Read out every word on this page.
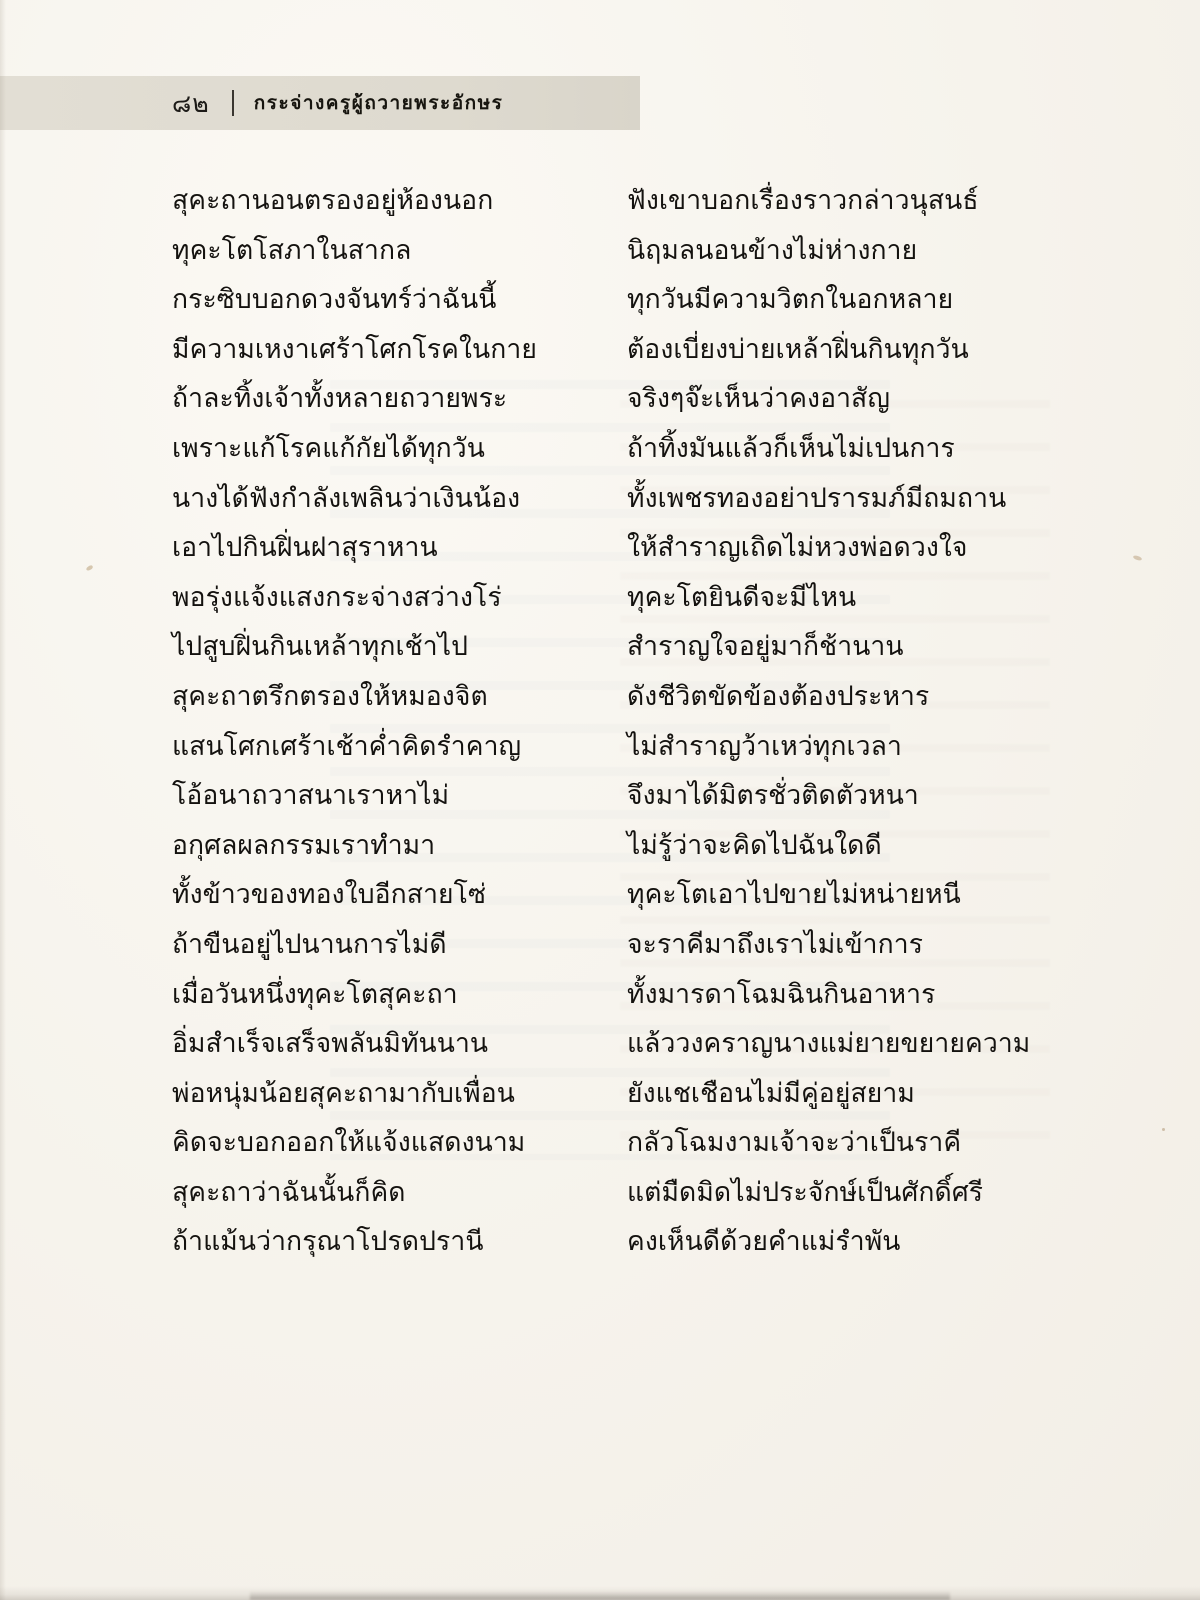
๘๒ กระจ่างครูผู้ถวายพระอักษร
สุคะถานอนตรองอยู่ห้องนอก
ทุคะโตโสภาในสากล
กระซิบบอกดวงจันทร์ว่าฉันนี้
มีความเหงาเศร้าโศกโรคในกาย
ถ้าละทิ้งเจ้าทั้งหลายถวายพระ
เพราะแก้โรคแก้กัยได้ทุกวัน
นางได้ฟังกำลังเพลินว่าเงินน้อง
เอาไปกินฝิ่นฝาสุราหาน
พอรุ่งแจ้งแสงกระจ่างสว่างโร่
ไปสูบฝิ่นกินเหล้าทุกเช้าไป
สุคะถาตรึกตรองให้หมองจิต
แสนโศกเศร้าเช้าค่ำคิดรำคาญ
โอ้อนาถวาสนาเราหาไม่
อกุศลผลกรรมเราทำมา
ทั้งข้าวของทองใบอีกสายโซ่
ถ้าขืนอยู่ไปนานการไม่ดี
เมื่อวันหนึ่งทุคะโตสุคะถา
อิ่มสำเร็จเสร็จพลันมิทันนาน
พ่อหนุ่มน้อยสุคะถามากับเพื่อน
คิดจะบอกออกให้แจ้งแสดงนาม
สุคะถาว่าฉันนั้นก็คิด
ถ้าแม้นว่ากรุณาโปรดปรานี
ฟังเขาบอกเรื่องราวกล่าวนุสนธ์
นิฤมลนอนข้างไม่ห่างกาย
ทุกวันมีความวิตกในอกหลาย
ต้องเบี่ยงบ่ายเหล้าฝิ่นกินทุกวัน
จริงๆจ๊ะเห็นว่าคงอาสัญ
ถ้าทิ้งมันแล้วก็เห็นไม่เปนการ
ทั้งเพชรทองอย่าปรารมภ์มีถมถาน
ให้สำราญเถิดไม่หวงพ่อดวงใจ
ทุคะโตยินดีจะมีไหน
สำราญใจอยู่มาก็ช้านาน
ดังชีวิตขัดข้องต้องประหาร
ไม่สำราญว้าเหว่ทุกเวลา
จึงมาได้มิตรชั่วติดตัวหนา
ไม่รู้ว่าจะคิดไปฉันใดดี
ทุคะโตเอาไปขายไม่หน่ายหนี
จะราคีมาถึงเราไม่เข้าการ
ทั้งมารดาโฉมฉินกินอาหาร
แล้ววงคราญนางแม่ยายขยายความ
ยังแชเชือนไม่มีคู่อยู่สยาม
กลัวโฉมงามเจ้าจะว่าเป็นราคี
แต่มืดมิดไม่ประจักษ์เป็นศักดิ์ศรี
คงเห็นดีด้วยคำแม่รำพัน
